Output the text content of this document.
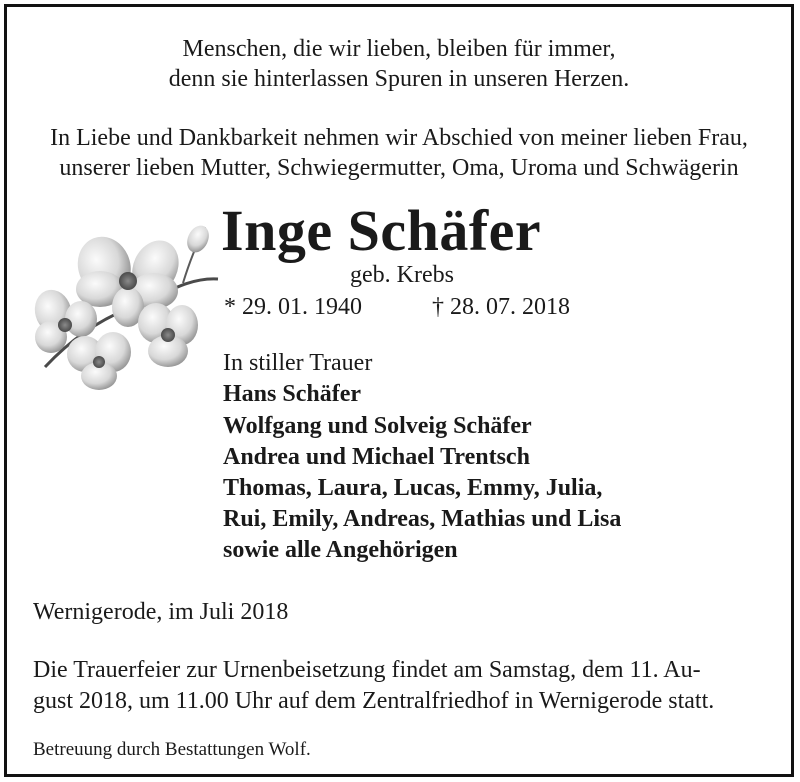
Menschen, die wir lieben, bleiben für immer,
denn sie hinterlassen Spuren in unseren Herzen.
In Liebe und Dankbarkeit nehmen wir Abschied von meiner lieben Frau,
unserer lieben Mutter, Schwiegermutter, Oma, Uroma und Schwägerin
Inge Schäfer
geb. Krebs
* 29. 01. 1940	† 28. 07. 2018
In stiller Trauer
Hans Schäfer
Wolfgang und Solveig Schäfer
Andrea und Michael Trentsch
Thomas, Laura, Lucas, Emmy, Julia,
Rui, Emily, Andreas, Mathias und Lisa
sowie alle Angehörigen
Wernigerode, im Juli 2018
Die Trauerfeier zur Urnenbeisetzung findet am Samstag, dem 11. Au-
gust 2018, um 11.00 Uhr auf dem Zentralfriedhof in Wernigerode statt.
Betreuung durch Bestattungen Wolf.
